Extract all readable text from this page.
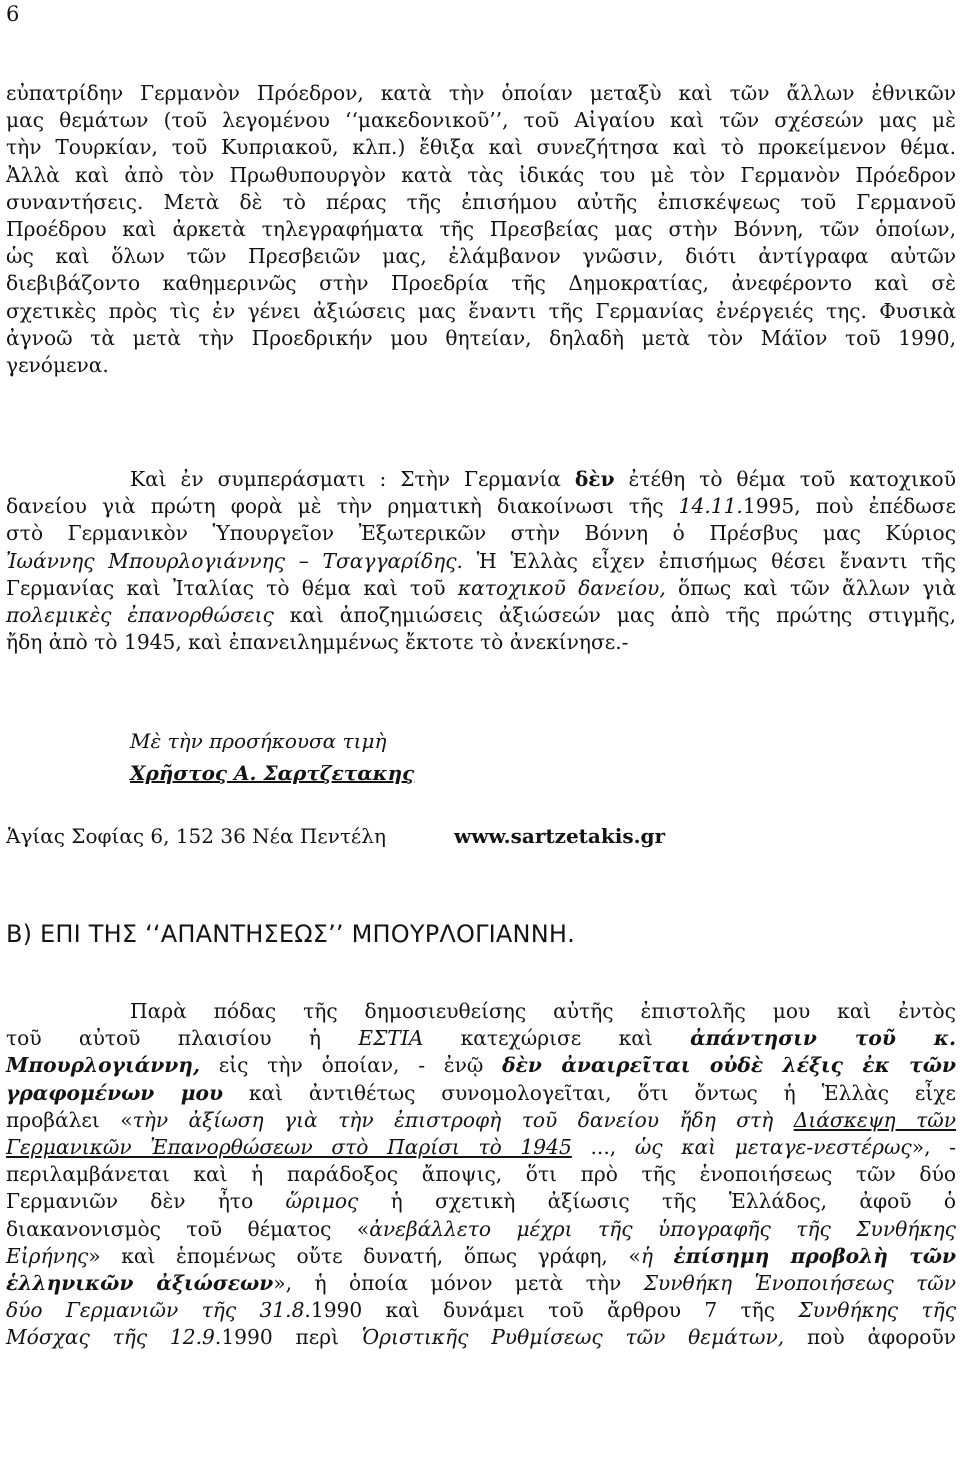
6
εὐπατρίδην Γερμανὸν Πρόεδρον, κατὰ τὴν ὁποίαν μεταξὺ καὶ τῶν ἄλλων ἐθνικῶν
μας θεμάτων (τοῦ λεγομένου ‘‘μακεδονικοῦ’’, τοῦ Αἰγαίου καὶ τῶν σχέσεών μας μὲ
τὴν Τουρκίαν, τοῦ Κυπριακοῦ, κλπ.) ἔθιξα καὶ συνεζήτησα καὶ τὸ προκείμενον θέμα.
Ἀλλὰ καὶ ἀπὸ τὸν Πρωθυπουργὸν κατὰ τὰς ἰδικάς του μὲ τὸν Γερμανὸν Πρόεδρον
συναντήσεις. Μετὰ δὲ τὸ πέρας τῆς ἐπισήμου αὐτῆς ἐπισκέψεως τοῦ Γερμανοῦ
Προέδρου καὶ ἀρκετὰ τηλεγραφήματα τῆς Πρεσβείας μας στὴν Βόννη, τῶν ὁποίων,
ὡς καὶ ὅλων τῶν Πρεσβειῶν μας, ἐλάμβανον γνῶσιν, διότι ἀντίγραφα αὐτῶν
διεβιβάζοντο καθημερινῶς στὴν Προεδρία τῆς Δημοκρατίας, ἀνεφέροντο καὶ σὲ
σχετικὲς πρὸς τὶς ἐν γένει ἀξιώσεις μας ἔναντι τῆς Γερμανίας ἐνέργειές της. Φυσικὰ
ἀγνοῶ τὰ μετὰ τὴν Προεδρικήν μου θητείαν, δηλαδὴ μετὰ τὸν Μάϊον τοῦ 1990,
γενόμενα.
Καὶ ἐν συμπεράσματι : Στὴν Γερμανία δὲν ἐτέθη τὸ θέμα τοῦ κατοχικοῦ
δανείου γιὰ πρώτη φορὰ μὲ τὴν ρηματικὴ διακοίνωσι τῆς 14.11.1995, ποὺ ἐπέδωσε
στὸ Γερμανικὸν Ὑπουργεῖον Ἐξωτερικῶν στὴν Βόννη ὁ Πρέσβυς μας Κύριος
Ἰωάννης Μπουρλογιάννης – Τσαγγαρίδης. Ἡ Ἑλλὰς εἶχεν ἐπισήμως θέσει ἔναντι τῆς
Γερμανίας καὶ Ἰταλίας τὸ θέμα καὶ τοῦ κατοχικοῦ δανείου, ὅπως καὶ τῶν ἄλλων γιὰ
πολεμικὲς ἐπανορθώσεις καὶ ἀποζημιώσεις ἀξιώσεών μας ἀπὸ τῆς πρώτης στιγμῆς,
ἤδη ἀπὸ τὸ 1945, καὶ ἐπανειλημμένως ἔκτοτε τὸ ἀνεκίνησε.-
Μὲ τὴν προσήκουσα τιμὴ
Χρῆστος Α. Σαρτζετακης
Ἁγίας Σοφίας 6, 152 36 Νέα Πεντέλη	www.sartzetakis.gr
Β) ΕΠΙ ΤΗΣ ‘‘ΑΠΑΝΤΗΣΕΩΣ’’ ΜΠΟΥΡΛΟΓΙΑΝΝΗ.
Παρὰ πόδας τῆς δημοσιευθείσης αὐτῆς ἐπιστολῆς μου καὶ ἐντὸς
τοῦ αὐτοῦ πλαισίου ἡ ΕΣΤΙΑ κατεχώρισε καὶ ἀπάντησιν τοῦ κ.
Μπουρλογιάννη, εἰς τὴν ὁποίαν, - ἐνῷ δὲν ἀναιρεῖται οὐδὲ λέξις ἐκ τῶν
γραφομένων μου καὶ ἀντιθέτως συνομολογεῖται, ὅτι ὄντως ἡ Ἑλλὰς εἶχε
προβάλει «τὴν ἀξίωση γιὰ τὴν ἐπιστροφὴ τοῦ δανείου ἤδη στὴ Διάσκεψη τῶν
Γερμανικῶν Ἐπανορθώσεων στὸ Παρίσι τὸ 1945 ..., ὡς καὶ μεταγε-νεστέρως», -
περιλαμβάνεται καὶ ἡ παράδοξος ἄποψις, ὅτι πρὸ τῆς ἑνοποιήσεως τῶν δύο
Γερμανιῶν δὲν ἦτο ὥριμος ἡ σχετικὴ ἀξίωσις τῆς Ἑλλάδος, ἀφοῦ ὁ
διακανονισμὸς τοῦ θέματος «ἀνεβάλλετο μέχρι τῆς ὑπογραφῆς τῆς Συνθήκης
Εἰρήνης» καὶ ἑπομένως οὔτε δυνατή, ὅπως γράφη, «ἡ ἐπίσημη προβολὴ τῶν
ἑλληνικῶν ἀξιώσεων», ἡ ὁποία μόνον μετὰ τὴν Συνθήκη Ἑνοποιήσεως τῶν
δύο Γερμανιῶν τῆς 31.8.1990 καὶ δυνάμει τοῦ ἄρθρου 7 τῆς Συνθήκης τῆς
Μόσχας τῆς 12.9.1990 περὶ Ὁριστικῆς Ρυθμίσεως τῶν θεμάτων, ποὺ ἀφοροῦν
